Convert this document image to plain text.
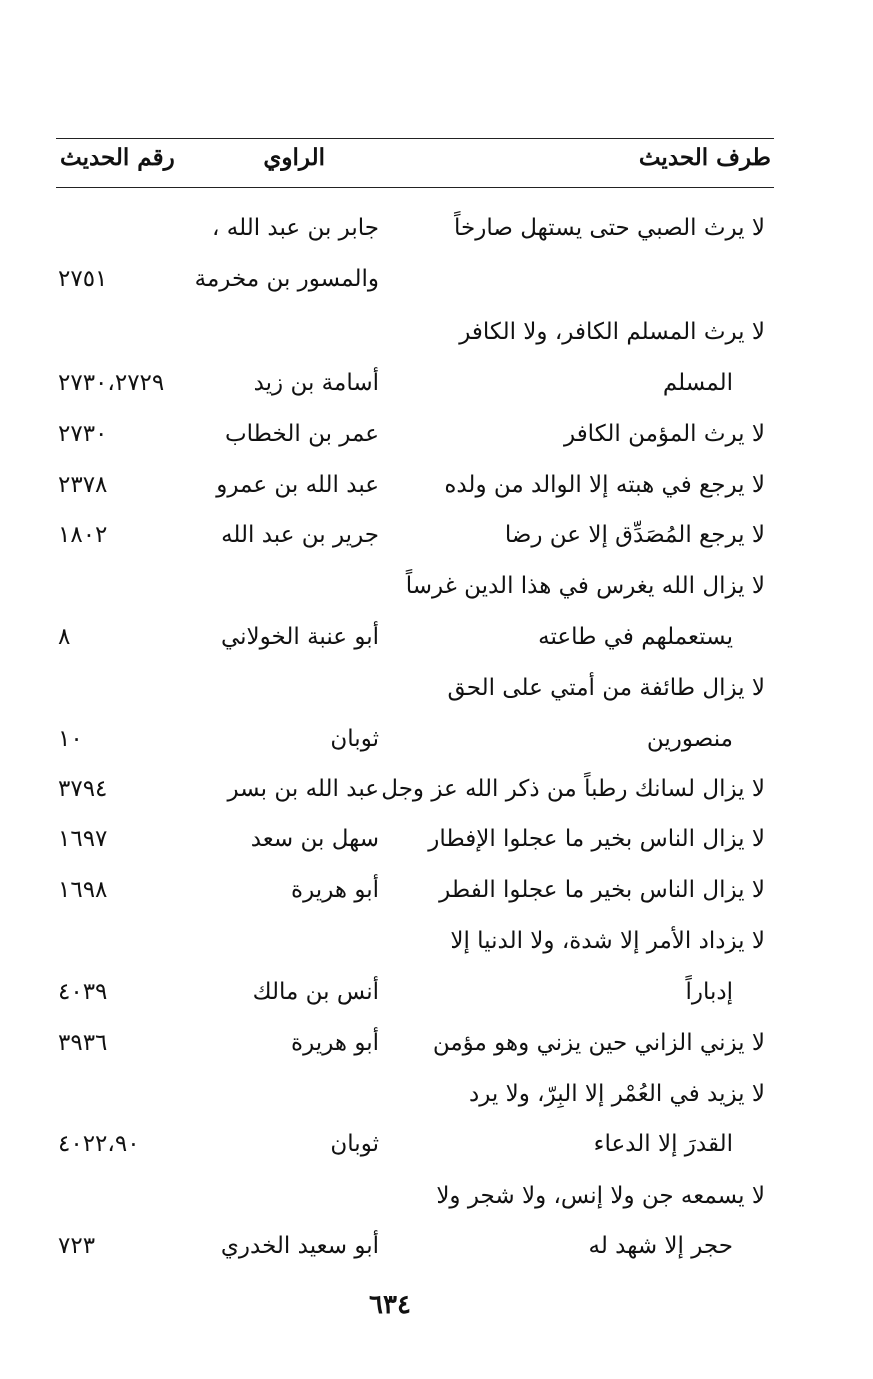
طرف الحديث
الراوي
رقم الحديث
لا يرث الصبي حتى يستهل صارخاً
جابر بن عبد الله ،
والمسور بن مخرمة
٢٧٥١
لا يرث المسلم الكافر، ولا الكافر
المسلم
أسامة بن زيد
٢٧٣٠،٢٧٢٩
لا يرث المؤمن الكافر
عمر بن الخطاب
٢٧٣٠
لا يرجع في هبته إلا الوالد من ولده
عبد الله بن عمرو
٢٣٧٨
لا يرجع المُصَدِّق إلا عن رضا
جرير بن عبد الله
١٨٠٢
لا يزال الله يغرس في هذا الدين غرساً
يستعملهم في طاعته
أبو عنبة الخولاني
٨
لا يزال طائفة من أمتي على الحق
منصورين
ثوبان
١٠
لا يزال لسانك رطباً من ذكر الله عز وجل
عبد الله بن بسر
٣٧٩٤
لا يزال الناس بخير ما عجلوا الإفطار
سهل بن سعد
١٦٩٧
لا يزال الناس بخير ما عجلوا الفطر
أبو هريرة
١٦٩٨
لا يزداد الأمر إلا شدة، ولا الدنيا إلا
إدباراً
أنس بن مالك
٤٠٣٩
لا يزني الزاني حين يزني وهو مؤمن
أبو هريرة
٣٩٣٦
لا يزيد في العُمْر إلا البِرّ، ولا يرد
القدرَ إلا الدعاء
ثوبان
٤٠٢٢،٩٠
لا يسمعه جن ولا إنس، ولا شجر ولا
حجر إلا شهد له
أبو سعيد الخدري
٧٢٣
٦٣٤
